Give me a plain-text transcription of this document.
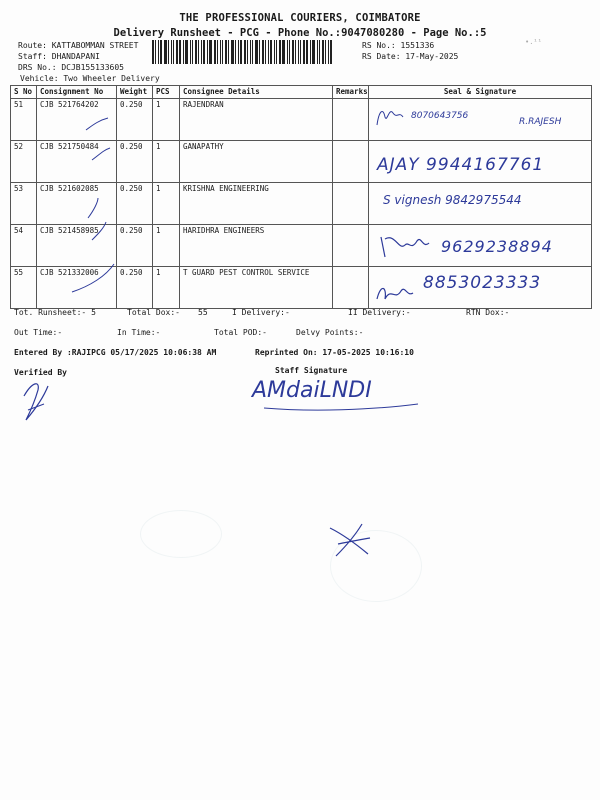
THE PROFESSIONAL COURIERS, COIMBATORE
Delivery Runsheet - PCG - Phone No.:9047080280 - Page No.:5
Route: KATTABOMMAN STREET
Staff: DHANDAPANI
DRS No.: DCJB155133605
Vehicle: Two Wheeler Delivery
RS No.: 1551336
RS Date: 17-May-2025
•.¹¹
S No	Consignment No	Weight	PCS	Consignee Details	Remarks	Seal & Signature
51	CJB 521764202	0.250	1	RAJENDRAN		8070643756
R.RAJESH

52	CJB 521750484	0.250	1	GANAPATHY		AJAY 9944167761

53	CJB 521602085	0.250	1	KRISHNA ENGINEERING		S vignesh 9842975544

54	CJB 521458985	0.250	1	HARIDHRA ENGINEERS		9629238894

55	CJB 521332006	0.250	1	T GUARD PEST CONTROL SERVICE		8853023333
Tot. Runsheet:- 5	Total Dox:- 55	I Delivery:-	II Delivery:-	RTN Dox:-
Out Time:-	In Time:-	Total POD:-	Delvy Points:-
Entered By :RAJIPCG 05/17/2025 10:06:38 AM	Reprinted On: 17-05-2025 10:16:10
Verified By	Staff Signature
AMdaiLNDI
